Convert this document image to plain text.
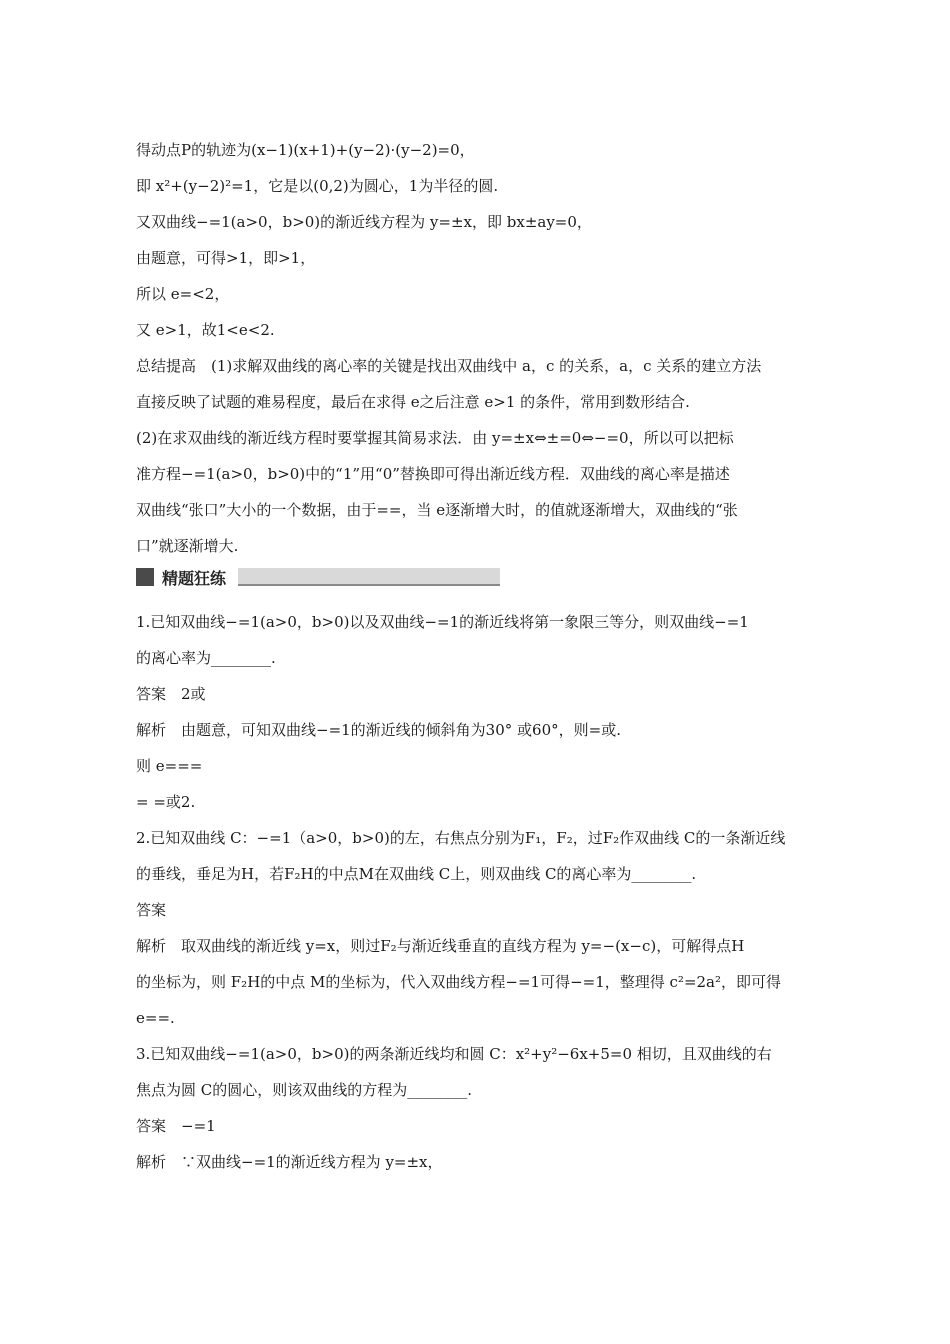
得动点P的轨迹为(x−1)(x+1)+(y−2)·(y−2)=0，
即 x²+(y−2)²=1，它是以(0,2)为圆心，1为半径的圆.
又双曲线−=1(a>0，b>0)的渐近线方程为 y=±x，即 bx±ay=0，
由题意，可得>1，即>1，
所以 e=<2，
又 e>1，故1<e<2.
总结提高　(1)求解双曲线的离心率的关键是找出双曲线中 a，c 的关系，a，c 关系的建立方法
直接反映了试题的难易程度，最后在求得 e之后注意 e>1 的条件，常用到数形结合.
(2)在求双曲线的渐近线方程时要掌握其简易求法．由 y=±x⇔±=0⇔−=0，所以可以把标
准方程−=1(a>0，b>0)中的“1”用“0”替换即可得出渐近线方程．双曲线的离心率是描述
双曲线“张口”大小的一个数据，由于==，当 e逐渐增大时，的值就逐渐增大，双曲线的“张
口”就逐渐增大.
精题狂练
1.已知双曲线−=1(a>0，b>0)以及双曲线−=1的渐近线将第一象限三等分，则双曲线−=1
的离心率为________.
答案　2或
解析　由题意，可知双曲线−=1的渐近线的倾斜角为30° 或60°，则=或.
则 e===
= =或2.
2.已知双曲线 C：−=1（a>0，b>0)的左，右焦点分别为F₁，F₂，过F₂作双曲线 C的一条渐近线
的垂线，垂足为H，若F₂H的中点M在双曲线 C上，则双曲线 C的离心率为________.
答案
解析　取双曲线的渐近线 y=x，则过F₂与渐近线垂直的直线方程为 y=−(x−c)，可解得点H
的坐标为，则 F₂H的中点 M的坐标为，代入双曲线方程−=1可得−=1，整理得 c²=2a²，即可得
e==.
3.已知双曲线−=1(a>0，b>0)的两条渐近线均和圆 C：x²+y²−6x+5=0 相切，且双曲线的右
焦点为圆 C的圆心，则该双曲线的方程为________.
答案　−=1
解析　∵双曲线−=1的渐近线方程为 y=±x，
